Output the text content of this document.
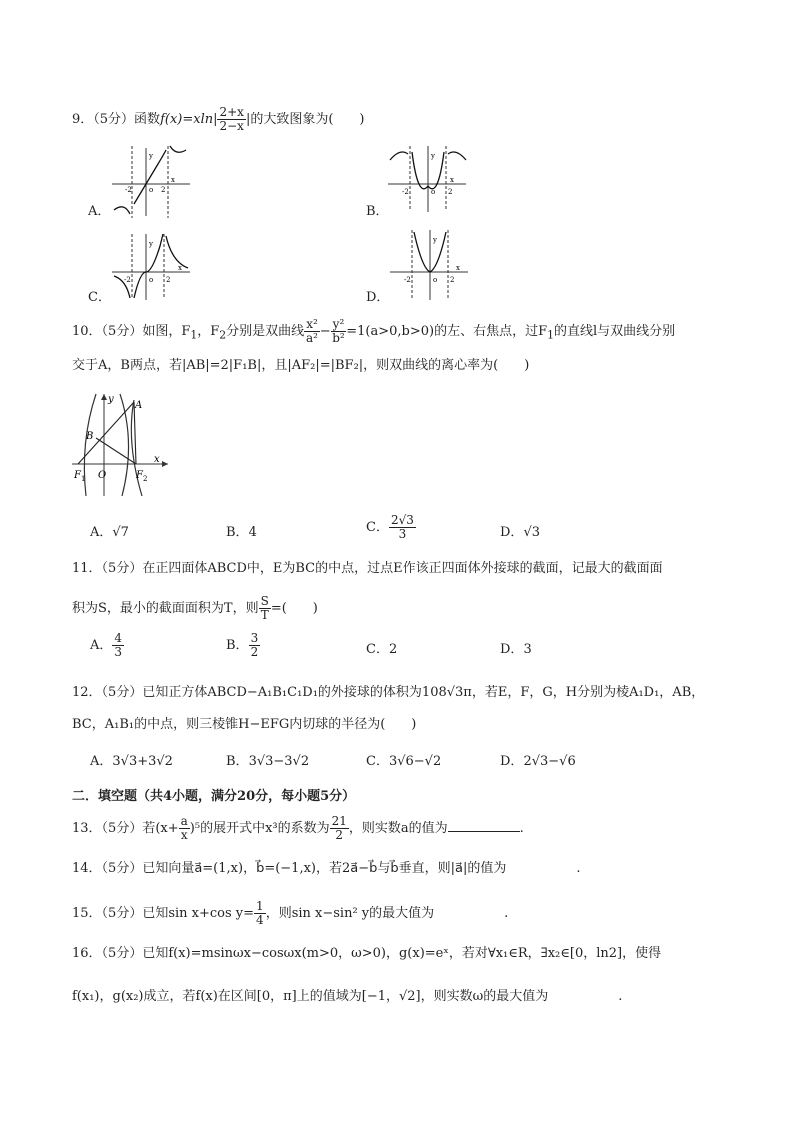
9．（5分）函数$f(x)=xln| \frac{2+x}{2-x}$ |的大致图象为(　　)
A．
-2 o 2
x
y
B．
-2	o 2
x
y
C．
-2	o 2
x
y
D．
-2	o 2
x
y
10．（5分）如图，$F_1$，$F_2$分别是双曲线 $\frac{\text{x²}}{\text{a²}} - \frac{\text{y²}}{\text{b²}} =1(a>0,b>0)$的左、右焦点，过$F_1$的直线l与双曲线分别
交于A，B两点，若|AB|=2|F₁B|，且|AF₂|=|BF₂|，则双曲线的离心率为(　　)
y
A
B
F 1 O	F 2
x
A．√7	B．4	C． $\frac{2√3}{3}$	D．√3
11．（5分）在正四面体ABCD中，E为BC的中点，过点E作该正四面体外接球的截面，记最大的截面面
积为S，最小的截面面积为T，则 $\frac{S}{T}$ =(　　)
A． $\frac{4}{3}$	B． $\frac{3}{2}$	C．2	D．3
12．（5分）已知正方体ABCD−A₁B₁C₁D₁的外接球的体积为108√3π，若E，F，G，H分别为棱A₁D₁，AB，
BC，A₁B₁的中点，则三棱锥H−EFG内切球的半径为(　　)
A．3√3+3√2	B．3√3−3√2	C．3√6−√2	D．2√3−√6
二．填空题（共4小题，满分20分，每小题5分）
13．（5分）若$(x+ \frac{a}{x} )^5$的展开式中x³的系数为 $\frac{21}{2}$ ，则实数a的值为	.
14．（5分）已知向量a⃗=(1,x)，b⃗=(−1,x)，若2a⃗−b⃗与b⃗垂直，则|a⃗|的值为	.
15．（5分）已知sin x+cos $y= \frac{1}{4}$ ，则sin x−sin² y的最大值为	.
16．（5分）已知f(x)=msinωx−cosωx(m>0，ω>0)，g(x)=eˣ，若对∀x₁∈R，∃x₂∈[0，ln2]，使得
f(x₁)，g(x₂)成立，若f(x)在区间[0，π]上的值域为[−1，√2]，则实数ω的最大值为	.
